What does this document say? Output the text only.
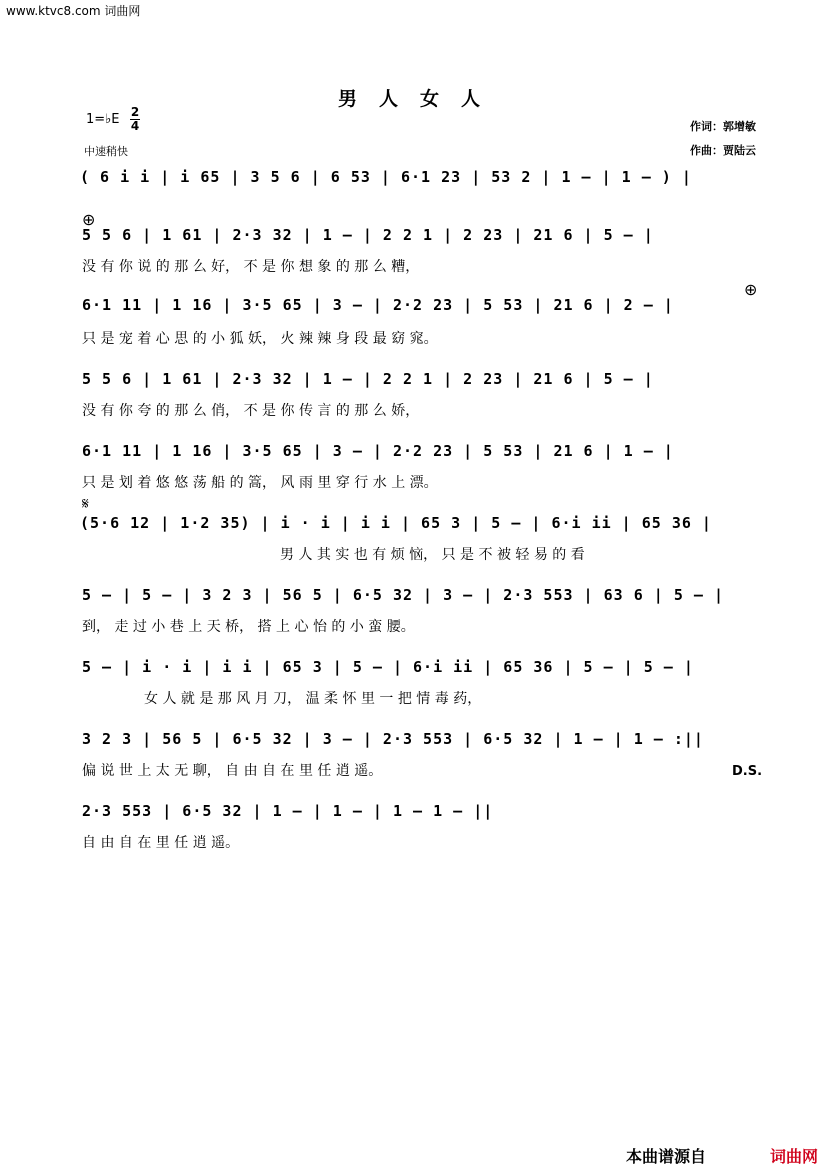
www.ktvc8.com 词曲网
男人女人
1=♭E 2
4
中速稍快
作词：郭增敏
作曲：贾陆云
( 6 i i | i 65 | 3 5 6 | 6 53 | 6·1 23 | 53 2 | 1 — | 1 — ) |
⊕
5 5 6 | 1 61 | 2·3 32 | 1 — | 2 2 1 | 2 23 | 21 6 | 5 — |
没 有 你 说 的 那 么 好， 不 是 你 想 象 的 那 么 糟，
6·1 11 | 1 16 | 3·5 65 | 3 — | 2·2 23 | 5 53 | 21 6 | 2 — |
⊕
只 是 宠 着 心 思 的 小 狐 妖， 火 辣 辣 身 段 最 窈 窕。
5 5 6 | 1 61 | 2·3 32 | 1 — | 2 2 1 | 2 23 | 21 6 | 5 — |
没 有 你 夸 的 那 么 俏， 不 是 你 传 言 的 那 么 娇，
6·1 11 | 1 16 | 3·5 65 | 3 — | 2·2 23 | 5 53 | 21 6 | 1 — |
只 是 划 着 悠 悠 荡 船 的 篙， 风 雨 里 穿 行 水 上 漂。
𝄋
(5·6 12 | 1·2 35) | i · i | i i | 65 3 | 5 — | 6·i ii | 65 36 |
男 人 其 实 也 有 烦 恼， 只 是 不 被 轻 易 的 看
5 — | 5 — | 3 2 3 | 56 5 | 6·5 32 | 3 — | 2·3 553 | 63 6 | 5 — |
到， 走 过 小 巷 上 天 桥， 搭 上 心 怡 的 小 蛮 腰。
5 — | i · i | i i | 65 3 | 5 — | 6·i ii | 65 36 | 5 — | 5 — |
女 人 就 是 那 风 月 刀， 温 柔 怀 里 一 把 情 毒 药，
3 2 3 | 56 5 | 6·5 32 | 3 — | 2·3 553 | 6·5 32 | 1 — | 1 — :||
偏 说 世 上 太 无 聊， 自 由 自 在 里 任 逍 遥。	D.S.
2·3 553 | 6·5 32 | 1 — | 1 — | 1 — 1 — ||
自 由 自 在 里 任 逍 遥。
本曲谱源自	词曲网
